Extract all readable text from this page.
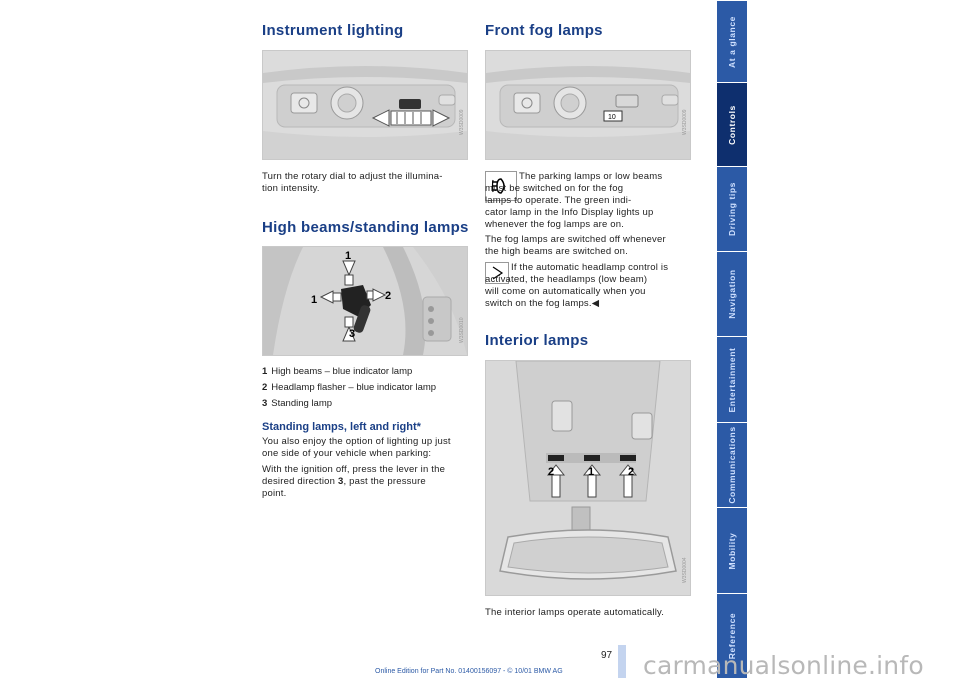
Instrument lighting
W3SD0009

Turn the rotary dial to adjust the illumina-
tion intensity.

High beams/standing lamps
1
1	2
3	W3SD0010
1 High beams – blue indicator lamp
2 Headlamp flasher – blue indicator lamp
3 Standing lamp
Standing lamps, left and right*

You also enjoy the option of lighting up just
one side of your vehicle when parking:

With the ignition off, press the lever in the
desired direction 3, past the pressure
point.

Front fog lamps
10	W3SD0009

The parking lamps or low beams
must be switched on for the fog
lamps to operate. The green indi-
cator lamp in the Info Display lights up
whenever the fog lamps are on.

The fog lamps are switched off whenever
the high beams are switched on.

If the automatic headlamp control is
activated, the headlamps (low beam)
will come on automatically when you
switch on the fog lamps.◀

Interior lamps
2	1	2
W3SD0004

The interior lamps operate automatically.

At a glance
Controls
Driving tips
Navigation
Entertainment
Communications
Mobility
Reference
97
Online Edition for Part No. 01400156097 - © 10/01 BMW AG	carmanualsonline.info
